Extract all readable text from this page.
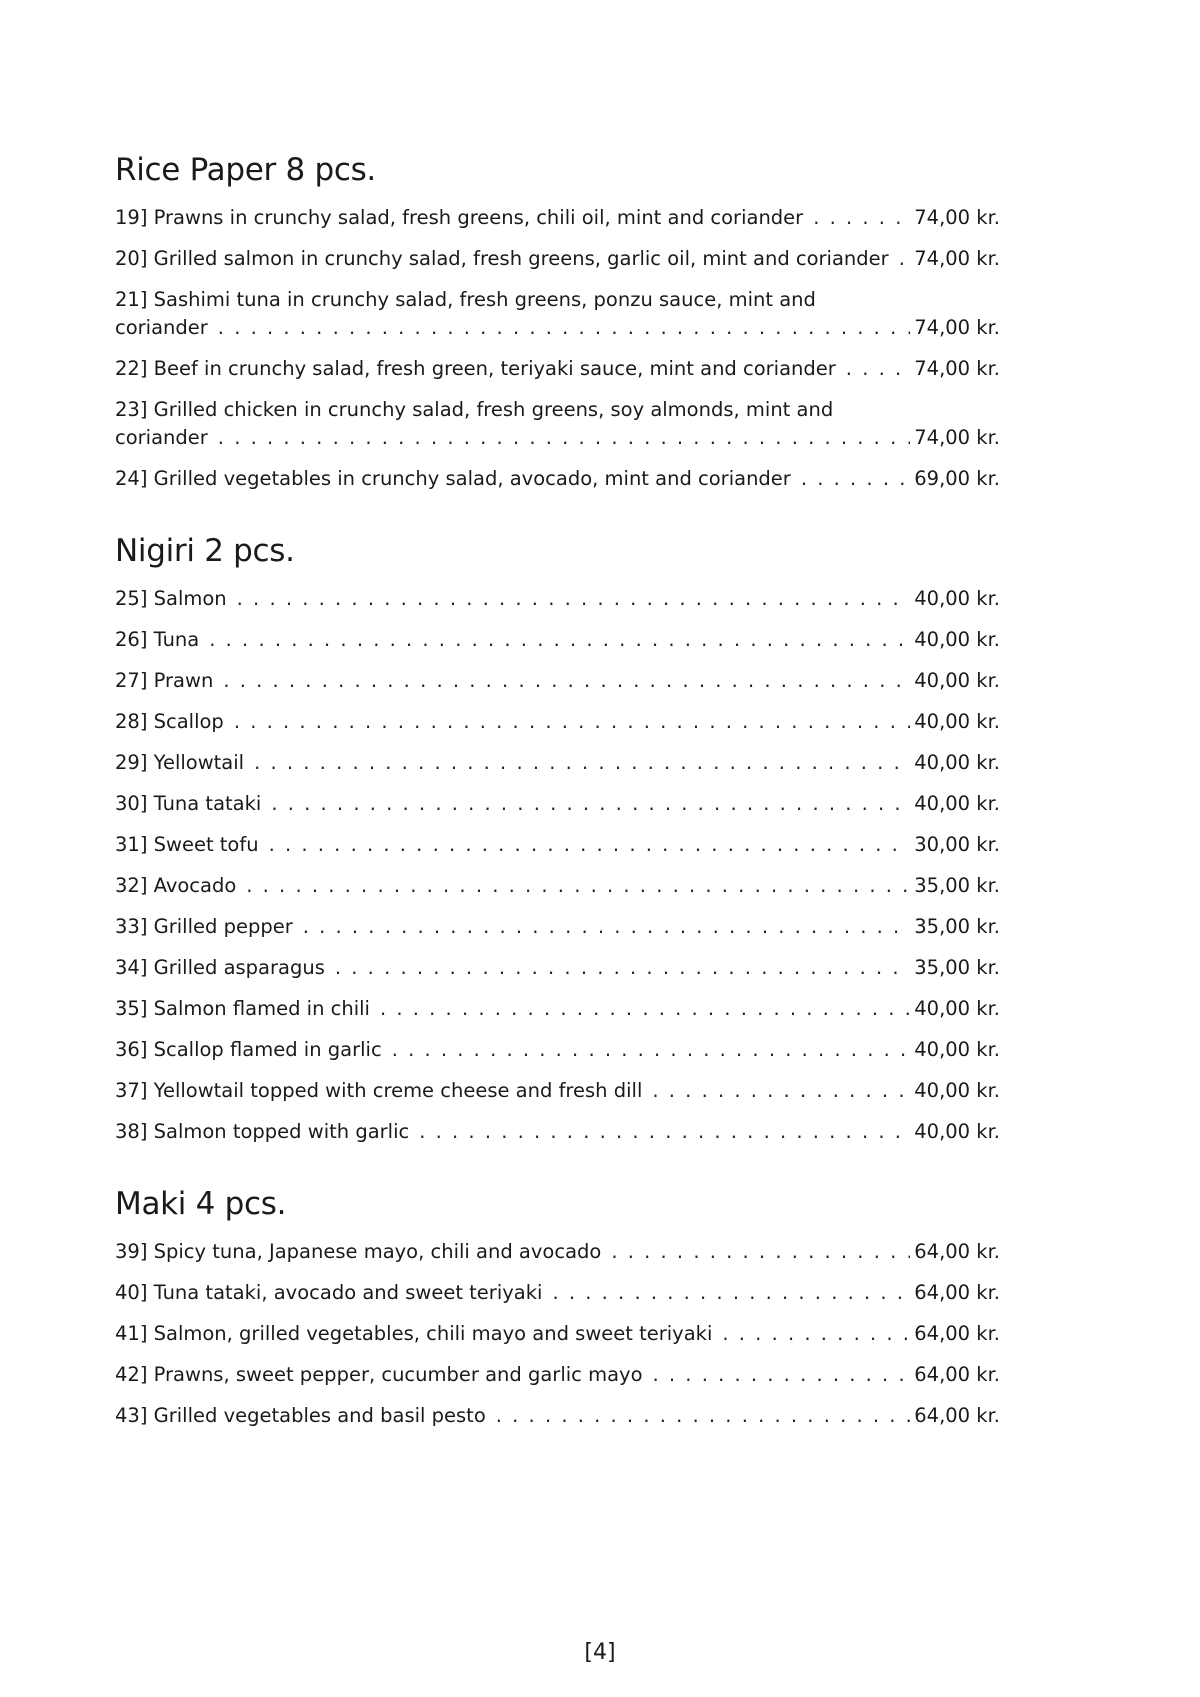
Rice Paper 8 pcs.
19] Prawns in crunchy salad, fresh greens, chili oil, mint and coriander . . .	74,00 kr.
20] Grilled salmon in crunchy salad, fresh greens, garlic oil, mint and coriander . . . 74,00 kr.
21] Sashimi tuna in crunchy salad, fresh greens, ponzu sauce, mint and
coriander . . .	74,00 kr.
22] Beef in crunchy salad, fresh green, teriyaki sauce, mint and coriander . . .	74,00 kr.
23] Grilled chicken in crunchy salad, fresh greens, soy almonds, mint and
coriander . . .	74,00 kr.
24] Grilled vegetables in crunchy salad, avocado, mint and coriander . . .	69,00 kr.
Nigiri 2 pcs.
25] Salmon . . .	40,00 kr.
26] Tuna . . .	40,00 kr.
27] Prawn . . .	40,00 kr.
28] Scallop . . .	40,00 kr.
29] Yellowtail . . .	40,00 kr.
30] Tuna tataki . . .	40,00 kr.
31] Sweet tofu . . .	30,00 kr.
32] Avocado . . .	35,00 kr.
33] Grilled pepper . . .	35,00 kr.
34] Grilled asparagus . . .	35,00 kr.
35] Salmon flamed in chili . . .	40,00 kr.
36] Scallop flamed in garlic . . .	40,00 kr.
37] Yellowtail topped with creme cheese and fresh dill . . .	40,00 kr.
38] Salmon topped with garlic . . .	40,00 kr.
Maki 4 pcs.
39] Spicy tuna, Japanese mayo, chili and avocado . . .	64,00 kr.
40] Tuna tataki, avocado and sweet teriyaki . . .	64,00 kr.
41] Salmon, grilled vegetables, chili mayo and sweet teriyaki . . .	64,00 kr.
42] Prawns, sweet pepper, cucumber and garlic mayo . . .	64,00 kr.
43] Grilled vegetables and basil pesto . . .	64,00 kr.
[4]
